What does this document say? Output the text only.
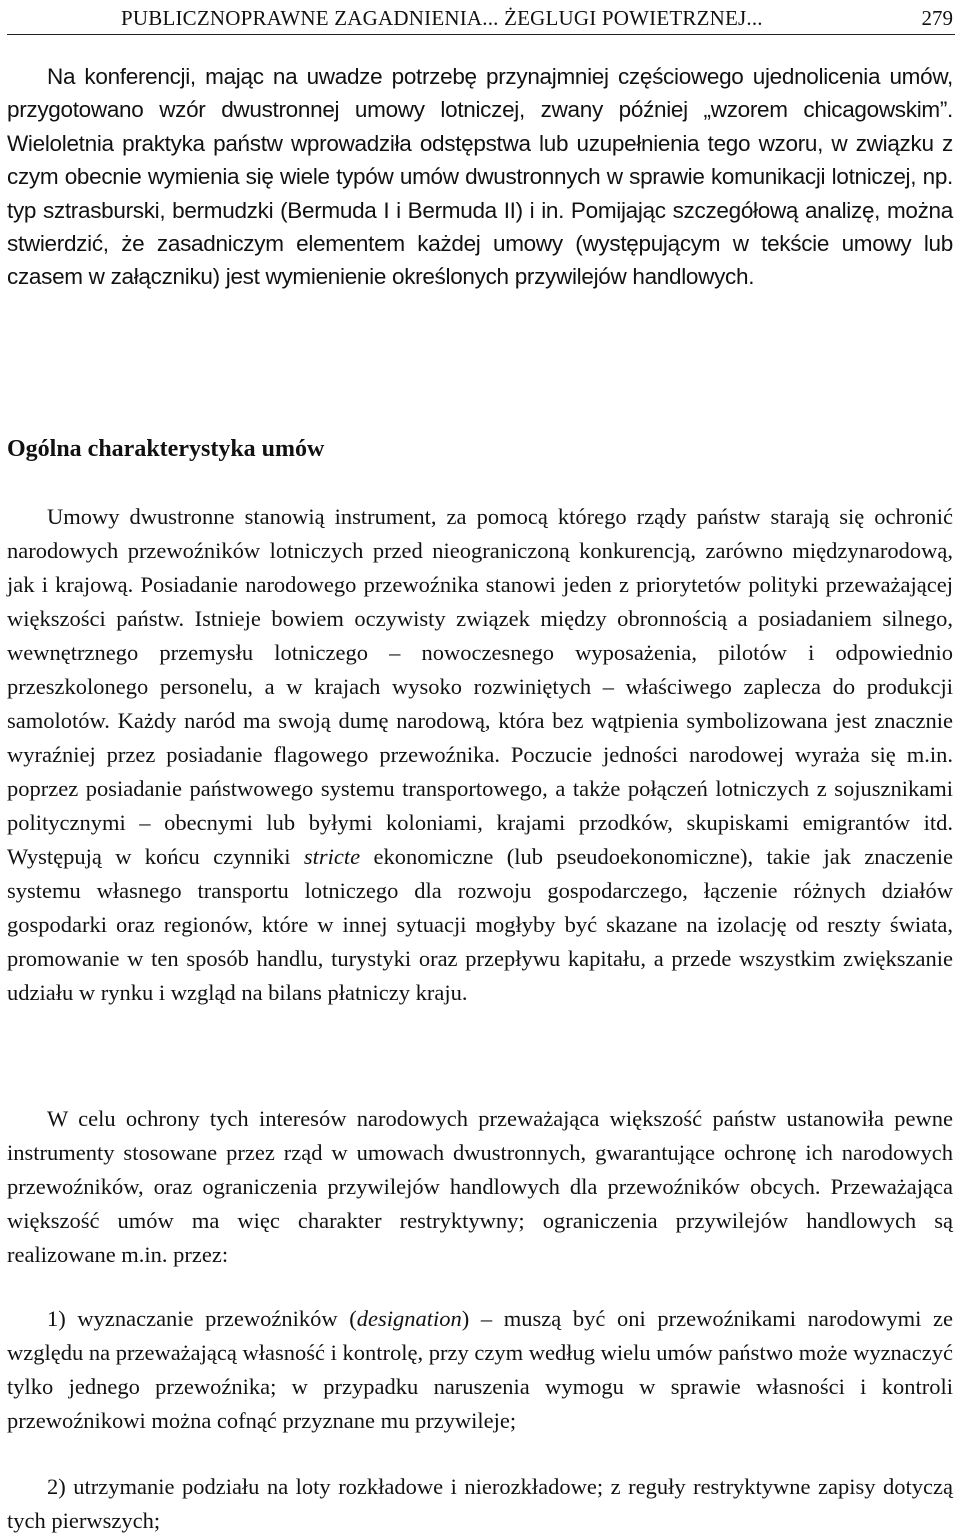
PUBLICZNOPRAWNE ZAGADNIENIA... ŻEGLUGI POWIETRZNEJ...	279

Na konferencji, mając na uwadze potrzebę przynajmniej częściowego ujednolicenia umów, przygotowano wzór dwustronnej umowy lotniczej, zwany później „wzorem chicagowskim”. Wieloletnia praktyka państw wprowadziła odstępstwa lub uzupełnienia tego wzoru, w związku z czym obecnie wymienia się wiele typów umów dwustronnych w sprawie komunikacji lotniczej, np. typ sztrasburski, bermudzki (Bermuda I i Bermuda II) i in. Pomijając szczegółową analizę, można stwierdzić, że zasadniczym elementem każdej umowy (występującym w tekście umowy lub czasem w załączniku) jest wymienienie określonych przywilejów handlowych.

Ogólna charakterystyka umów

Umowy dwustronne stanowią instrument, za pomocą którego rządy państw starają się ochronić narodowych przewoźników lotniczych przed nieograniczoną konkurencją, zarówno międzynarodową, jak i krajową. Posiadanie narodowego przewoźnika stanowi jeden z priorytetów polityki przeważającej większości państw. Istnieje bowiem oczywisty związek między obronnością a posiadaniem silnego, wewnętrznego przemysłu lotniczego – nowoczesnego wyposażenia, pilotów i odpowiednio przeszkolonego personelu, a w krajach wysoko rozwiniętych – właściwego zaplecza do produkcji samolotów. Każdy naród ma swoją dumę narodową, która bez wątpienia symbolizowana jest znacznie wyraźniej przez posiadanie flagowego przewoźnika. Poczucie jedności narodowej wyraża się m.in. poprzez posiadanie państwowego systemu transportowego, a także połączeń lotniczych z sojusznikami politycznymi – obecnymi lub byłymi koloniami, krajami przodków, skupiskami emigrantów itd. Występują w końcu czynniki stricte ekonomiczne (lub pseudoekonomiczne), takie jak znaczenie systemu własnego transportu lotniczego dla rozwoju gospodarczego, łączenie różnych działów gospodarki oraz regionów, które w innej sytuacji mogłyby być skazane na izolację od reszty świata, promowanie w ten sposób handlu, turystyki oraz przepływu kapitału, a przede wszystkim zwiększanie udziału w rynku i wzgląd na bilans płatniczy kraju.

W celu ochrony tych interesów narodowych przeważająca większość państw ustanowiła pewne instrumenty stosowane przez rząd w umowach dwustronnych, gwarantujące ochronę ich narodowych przewoźników, oraz ograniczenia przywilejów handlowych dla przewoźników obcych. Przeważająca większość umów ma więc charakter restryktywny; ograniczenia przywilejów handlowych są realizowane m.in. przez:

1) wyznaczanie przewoźników (designation) – muszą być oni przewoźnikami narodowymi ze względu na przeważającą własność i kontrolę, przy czym według wielu umów państwo może wyznaczyć tylko jednego przewoźnika; w przypadku naruszenia wymogu w sprawie własności i kontroli przewoźnikowi można cofnąć przyznane mu przywileje;

2) utrzymanie podziału na loty rozkładowe i nierozkładowe; z reguły restryktywne zapisy dotyczą tych pierwszych;
